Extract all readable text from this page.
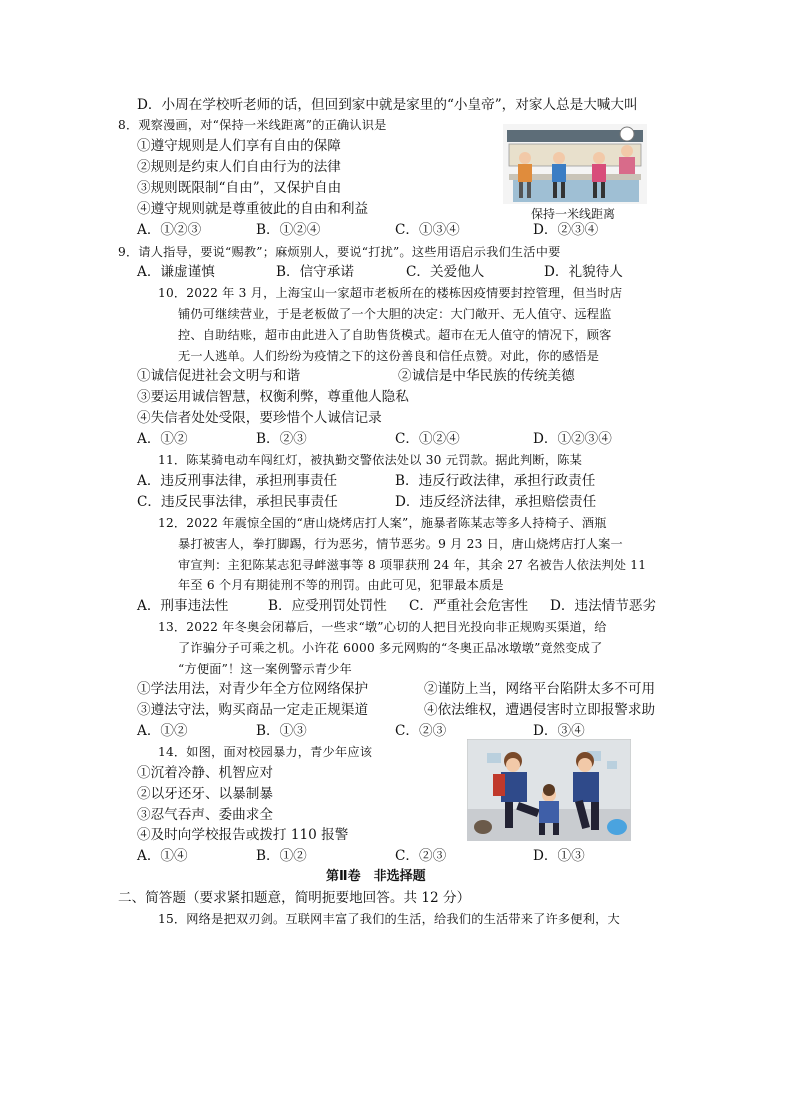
D．小周在学校听老师的话，但回到家中就是家里的“小皇帝”，对家人总是大喊大叫
8．观察漫画，对“保持一米线距离”的正确认识是
①遵守规则是人们享有自由的保障
②规则是约束人们自由行为的法律
③规则既限制“自由”，又保护自由
④遵守规则就是尊重彼此的自由和利益
A．①②③	B．①②④	C．①③④	D．②③④
保持一米线距离
9．请人指导，要说“赐教”；麻烦别人，要说“打扰”。这些用语启示我们生活中要
A．谦虚谨慎	B．信守承诺	C．关爱他人	D．礼貌待人
10．2022 年 3 月，上海宝山一家超市老板所在的楼栋因疫情要封控管理，但当时店
铺仍可继续营业，于是老板做了一个大胆的决定：大门敞开、无人值守、远程监
控、自助结账，超市由此进入了自助售货模式。超市在无人值守的情况下，顾客
无一人逃单。人们纷纷为疫情之下的这份善良和信任点赞。对此，你的感悟是
①诚信促进社会文明与和谐	②诚信是中华民族的传统美德
③要运用诚信智慧，权衡利弊，尊重他人隐私
④失信者处处受限，要珍惜个人诚信记录
A．①②	B．②③	C．①②④	D．①②③④
11．陈某骑电动车闯红灯，被执勤交警依法处以 30 元罚款。据此判断，陈某
A．违反刑事法律，承担刑事责任	B．违反行政法律，承担行政责任
C．违反民事法律，承担民事责任	D．违反经济法律，承担赔偿责任
12．2022 年震惊全国的“唐山烧烤店打人案”，施暴者陈某志等多人持椅子、酒瓶
暴打被害人，拳打脚踢，行为恶劣，情节恶劣。9 月 23 日，唐山烧烤店打人案一
审宣判：主犯陈某志犯寻衅滋事等 8 项罪获刑 24 年，其余 27 名被告人依法判处 11
年至 6 个月有期徒刑不等的刑罚。由此可见，犯罪最本质是
A．刑事违法性	B．应受刑罚处罚性 C．严重社会危害性 D．违法情节恶劣
13．2022 年冬奥会闭幕后，一些求“墩”心切的人把目光投向非正规购买渠道，给
了诈骗分子可乘之机。小许花 6000 多元网购的“冬奥正品冰墩墩”竟然变成了
“方便面”！这一案例警示青少年
①学法用法，对青少年全方位网络保护	②谨防上当，网络平台陷阱太多不可用
③遵法守法，购买商品一定走正规渠道	④依法维权，遭遇侵害时立即报警求助
A．①②	B．①③	C．②③	D．③④
14．如图，面对校园暴力，青少年应该
①沉着冷静、机智应对
②以牙还牙、以暴制暴
③忍气吞声、委曲求全
④及时向学校报告或拨打 110 报警
A．①④	B．①②	C．②③	D．①③
第Ⅱ卷　非选择题
二、简答题（要求紧扣题意，简明扼要地回答。共 12 分）
15．网络是把双刃剑。互联网丰富了我们的生活，给我们的生活带来了许多便利，大
